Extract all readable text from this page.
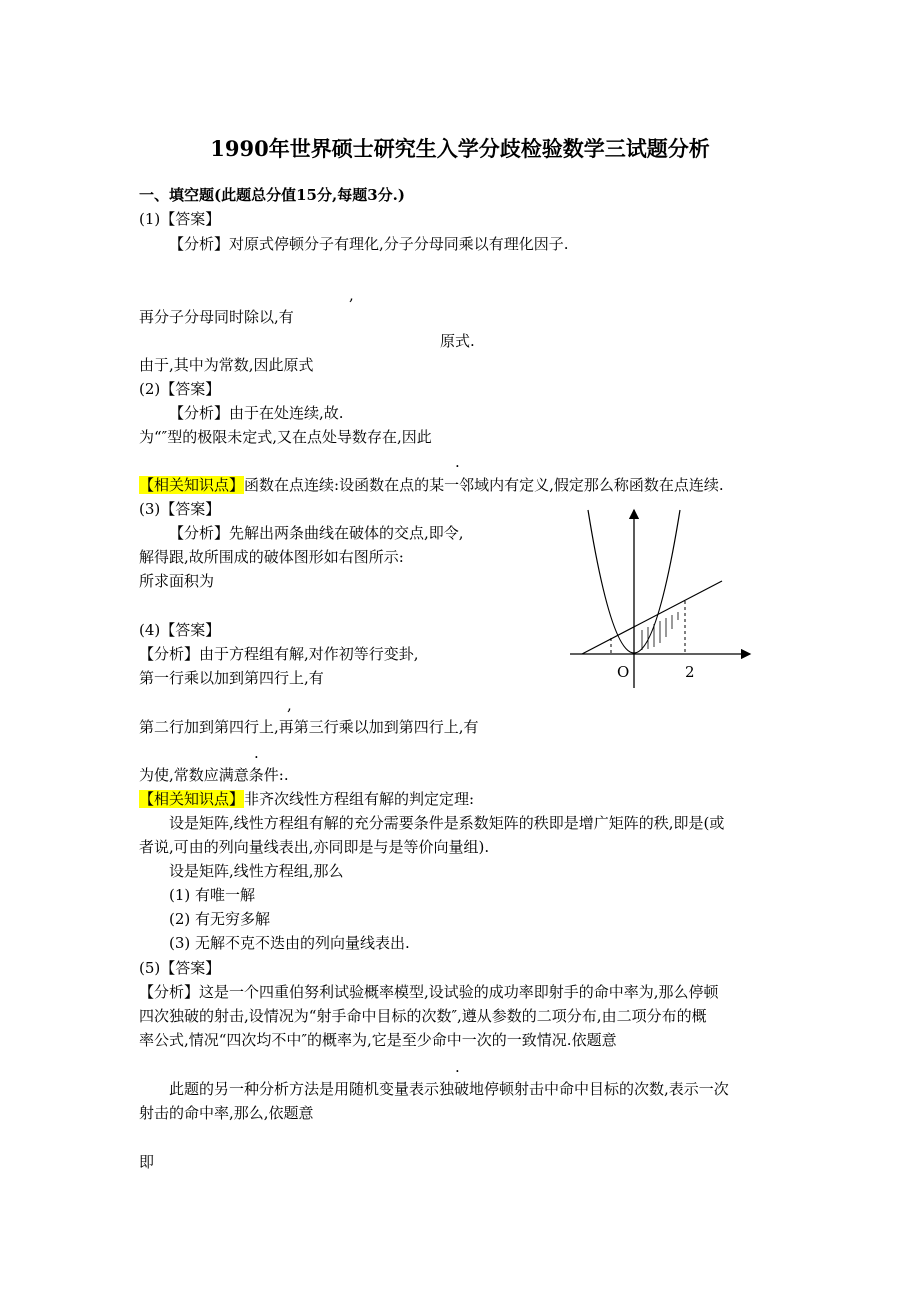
1990年世界硕士研究生入学分歧检验数学三试题分析
一、填空题(此题总分值15分,每题3分.)
(1)【答案】
【分析】对原式停顿分子有理化,分子分母同乘以有理化因子.
,
再分子分母同时除以,有
原式.
由于,其中为常数,因此原式
(2)【答案】
【分析】由于在处连续,故.
为“″型的极限未定式,又在点处导数存在,因此
.
【相关知识点】函数在点连续:设函数在点的某一邻域内有定义,假定那么称函数在点连续.
(3)【答案】
【分析】先解出两条曲线在破体的交点,即令,
解得跟,故所围成的破体图形如右图所示:
所求面积为
O	2
(4)【答案】
【分析】由于方程组有解,对作初等行变卦,
第一行乘以加到第四行上,有
,
第二行加到第四行上,再第三行乘以加到第四行上,有
.
为使,常数应满意条件:.
【相关知识点】非齐次线性方程组有解的判定定理:
设是矩阵,线性方程组有解的充分需要条件是系数矩阵的秩即是增广矩阵的秩,即是(或
者说,可由的列向量线表出,亦同即是与是等价向量组).
设是矩阵,线性方程组,那么
(1) 有唯一解
(2) 有无穷多解
(3) 无解不克不迭由的列向量线表出.
(5)【答案】
【分析】这是一个四重伯努利试验概率模型,设试验的成功率即射手的命中率为,那么停顿
四次独破的射击,设情况为“射手命中目标的次数″,遵从参数的二项分布,由二项分布的概
率公式,情况“四次均不中″的概率为,它是至少命中一次的一致情况.依题意
.
此题的另一种分析方法是用随机变量表示独破地停顿射击中命中目标的次数,表示一次
射击的命中率,那么,依题意
即
